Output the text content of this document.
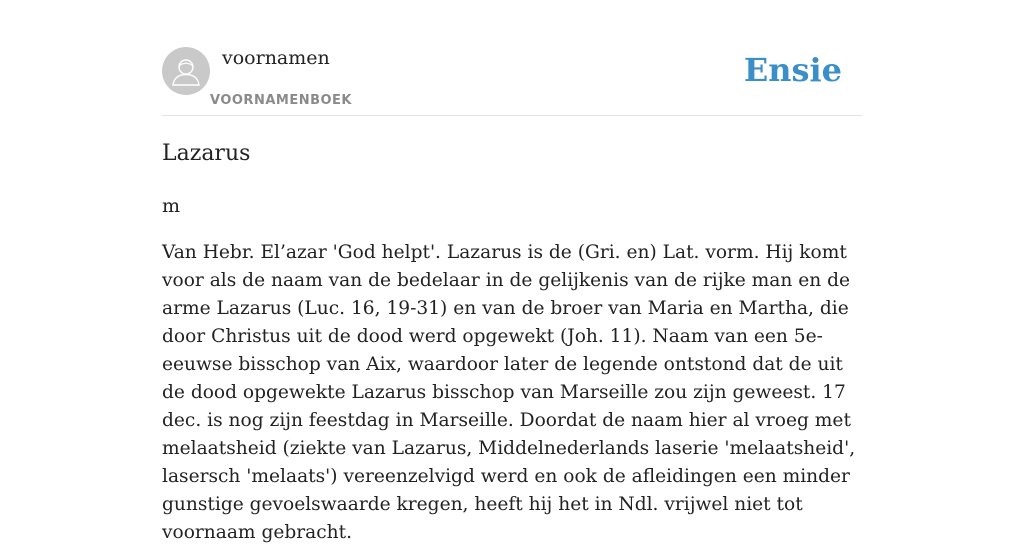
voornamen
VOORNAMENBOEK
Ensie
Lazarus
m

Van Hebr. El’azar 'God helpt'. Lazarus is de (Gri. en) Lat. vorm. Hij komt voor als de naam van de bedelaar in de gelijkenis van de rijke man en de arme Lazarus (Luc. 16, 19-31) en van de broer van Maria en Martha, die door Christus uit de dood werd opgewekt (Joh. 11). Naam van een 5e-eeuwse bisschop van Aix, waardoor later de legende ontstond dat de uit de dood opgewekte Lazarus bisschop van Marseille zou zijn geweest. 17 dec. is nog zijn feestdag in Marseille. Doordat de naam hier al vroeg met melaatsheid (ziekte van Lazarus, Middelnederlands laserie 'melaatsheid', lasersch 'melaats') vereenzelvigd werd en ook de afleidingen een minder gunstige gevoelswaarde kregen, heeft hij het in Ndl. vrijwel niet tot voornaam gebracht.
